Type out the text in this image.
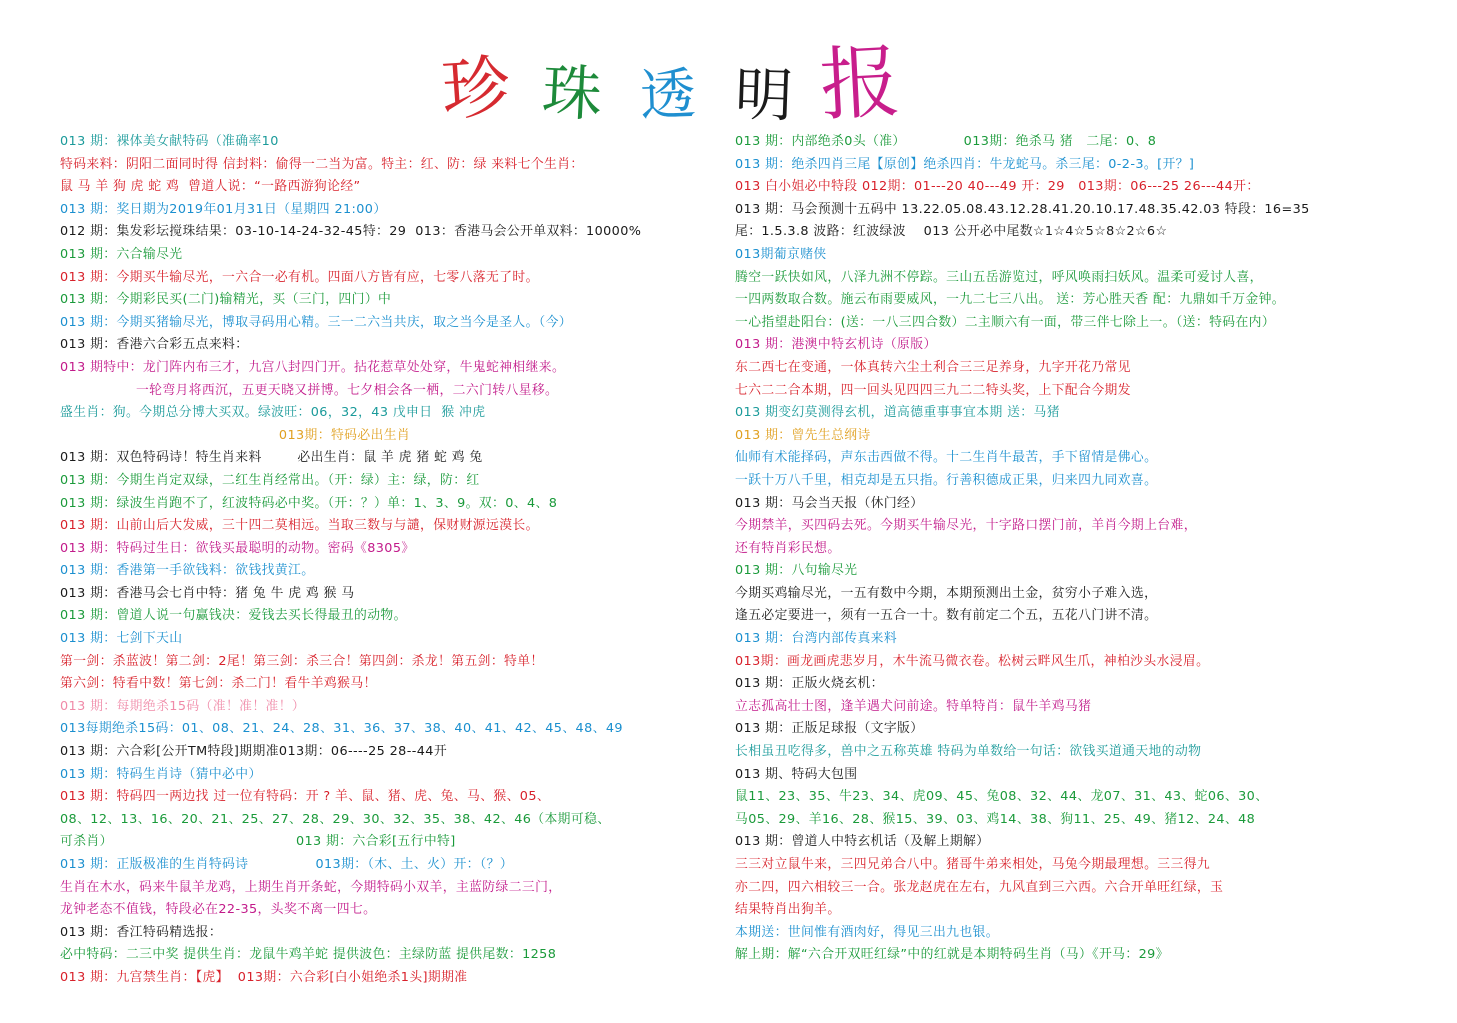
珍 珠 透 明 报
013 期：裸体美女献特码（准确率10
特码来料：阴阳二面同时得 信封料：偷得一二当为富。特主：红、防：绿 来料七个生肖：
鼠 马 羊 狗 虎 蛇 鸡  曾道人说：“一路西游狗论经”
013 期：奖日期为2019年01月31日（星期四 21:00）
012 期：集发彩坛搅珠结果：03-10-14-24-32-45特：29  013：香港马会公开单双料：10000%
013 期：六合输尽光
013 期：今期买牛输尽光，一六合一必有机。四面八方皆有应，七零八落无了时。
013 期：今期彩民买(二门)输精光，买（三门，四门）中
013 期：今期买猪输尽光，博取寻码用心精。三一二六当共庆，取之当今是圣人。（今）
013 期：香港六合彩五点来料：
013 期特中：龙门阵内布三才，九宫八封四门开。拈花惹草处处穿，牛鬼蛇神相继来。
一轮弯月将西沉，五更天晓又拼博。七夕相会各一栖，二六门转八星移。
盛生肖：狗。今期总分博大买双。绿波旺：06，32，43 戊申日  猴 冲虎
013期：特码必出生肖
013 期：双色特码诗！特生肖来料        必出生肖：鼠 羊 虎 猪 蛇 鸡 兔
013 期：今期生肖定双绿，二红生肖经常出。（开：绿）主：绿，防：红
013 期：绿波生肖跑不了，红波特码必中奖。（开：？）单：1、3、9。双：0、4、8
013 期：山前山后大发威，三十四二莫相远。当取三数与与譴，保财财源远漠长。
013 期：特码过生日：欲钱买最聪明的动物。密码《8305》
013 期：香港第一手欲钱料：欲钱找黄江。
013 期：香港马会七肖中特：猪 兔 牛 虎 鸡 猴 马
013 期：曾道人说一句赢钱决：爱钱去买长得最丑的动物。
013 期：七剑下天山
第一剑：杀蓝波！第二剑：2尾！第三剑：杀三合！第四剑：杀龙！第五剑：特单！
第六剑：特看中数！第七剑：杀二门！看牛羊鸡猴马！
013 期：每期绝杀15码（准！准！准！）
013每期绝杀15码：01、08、21、24、28、31、36、37、38、40、41、42、45、48、49
013 期：六合彩[公开TM特段]期期准013期：06----25 28--44开
013 期：特码生肖诗（猜中必中）
013 期：特码四一两边找 过一位有特码：开 ? 羊、鼠、猪、虎、兔、马、猴、05、
08、12、13、16、20、21、25、27、28、29、30、32、35、38、42、46（本期可稳、
可杀肖）                                         013 期：六合彩[五行中特]
013 期：正版极准的生肖特码诗               013期：（木、土、火）开：（？）
生肖在木水，码来牛鼠羊龙鸡，上期生肖开条蛇，今期特码小双羊，主蓝防绿二三门，
龙钟老态不值钱，特段必在22-35，头奖不离一四七。
013 期：香江特码精选报：
必中特码：二三中奖 提供生肖：龙鼠牛鸡羊蛇 提供波色：主绿防蓝 提供尾数：1258
013 期：九宫禁生肖：【虎】  013期：六合彩[白小姐绝杀1头]期期准
013 期：内部绝杀0头（准）             013期：绝杀马 猪   二尾：0、8
013 期：绝杀四肖三尾【原创】绝杀四肖：牛龙蛇马。杀三尾：0-2-3。[开？]
013 白小姐必中特段 012期：01---20 40---49 开：29   013期：06---25 26---44开：
013 期：马会预测十五码中 13.22.05.08.43.12.28.41.20.10.17.48.35.42.03 特段：16=35
尾：1.5.3.8 波路：红波绿波    013 公开必中尾数☆1☆4☆5☆8☆2☆6☆
013期葡京赌侠
腾空一跃快如风，八泽九洲不停踪。三山五岳游览过，呼风唤雨扫妖风。温柔可爱讨人喜，
一四两数取合数。施云布雨要威风，一九二七三八出。 送：芳心胜天香 配：九鼎如千万金钟。
一心指望赴阳台：(送：一八三四合数）二主顺六有一面，带三伴七除上一。（送：特码在内）
013 期：港澳中特玄机诗（原版）
东二西七在变通，一体真转六尘土利合三三足养身，九字开花乃常见
七六二二合本期，四一回头见四四三九二二特头奖，上下配合今期发
013 期变幻莫测得玄机，道高德重事事宜本期 送：马猪
013 期：曾先生总纲诗
仙师有术能择码，声东击西做不得。十二生肖牛最苦，手下留情是佛心。
一跃十万八千里，相克却是五只指。行善积德成正果，归来四九同欢喜。
013 期：马会当天报（休门经）
今期禁羊，买四码去死。今期买牛输尽光，十字路口摆门前，羊肖今期上台难，
还有特肖彩民想。
013 期：八句输尽光
今期买鸡输尽光，一五有数中今期，本期预测出土金，贫穷小子难入选，
逢五必定要进一，须有一五合一十。数有前定二个五，五花八门讲不清。
013 期：台湾内部传真来料
013期：画龙画虎悲岁月，木牛流马微衣卷。松树云畔风生爪，神柏沙头水浸眉。
013 期：正版火烧玄机：
立志孤高壮士图，逢羊遇犬问前途。特单特肖：鼠牛羊鸡马猪
013 期：正版足球报（文字版）
长相虽丑吃得多，兽中之五称英雄 特码为单数给一句话：欲钱买道通天地的动物
013 期、特码大包围
鼠11、23、35、牛23、34、虎09、45、兔08、32、44、龙07、31、43、蛇06、30、
马05、29、羊16、28、猴15、39、03、鸡14、38、狗11、25、49、猪12、24、48
013 期：曾道人中特玄机话（及解上期解）
三三对立鼠牛来，三四兄弟合八中。猪哥牛弟来相处，马兔今期最理想。三三得九
亦二四，四六相较三一合。张龙赵虎在左右，九风直到三六西。六合开单旺红绿，玉
结果特肖出狗羊。
本期送：世间惟有酒肉好，得见三出九也银。
解上期：解“六合开双旺红绿”中的红就是本期特码生肖（马）《开马：29》
